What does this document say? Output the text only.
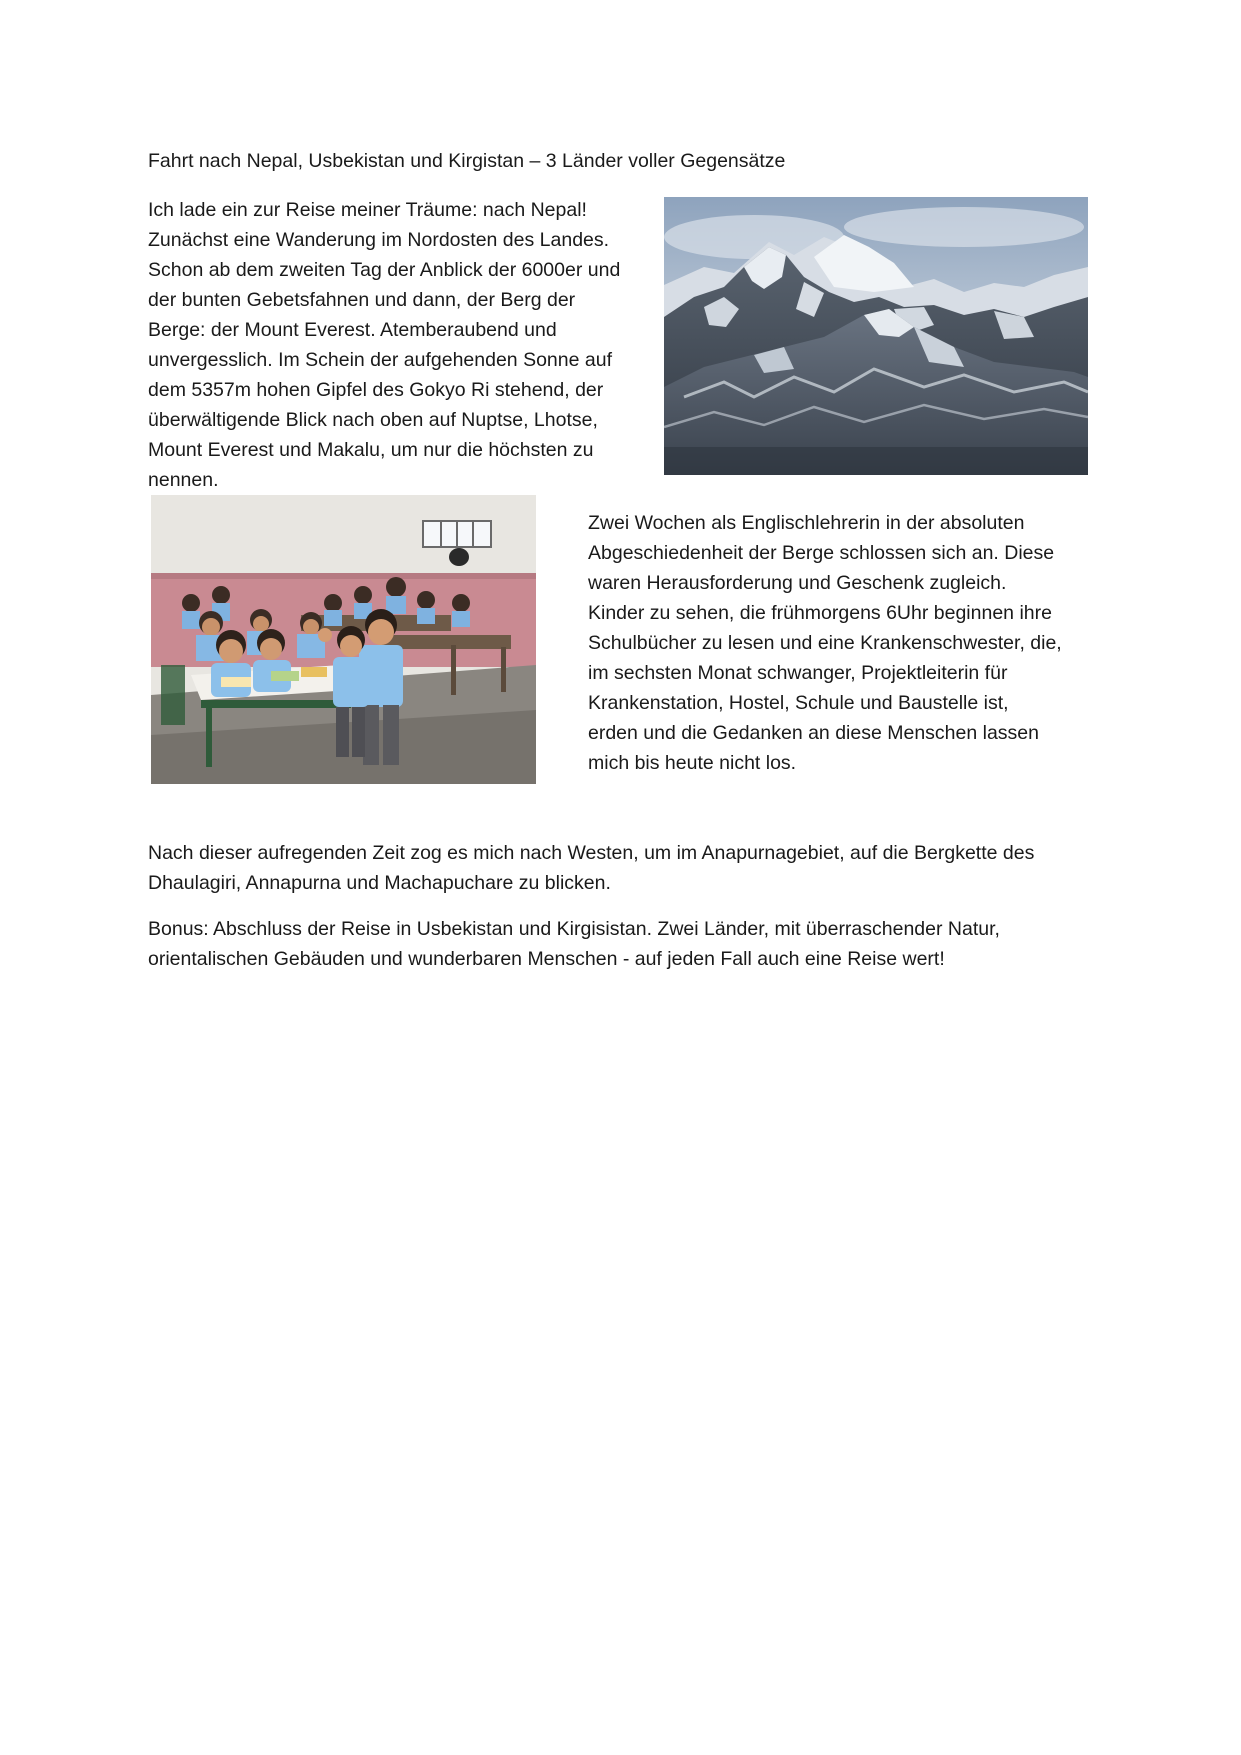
Fahrt nach Nepal, Usbekistan und Kirgistan – 3 Länder voller Gegensätze
Ich lade ein zur Reise meiner Träume: nach Nepal!
Zunächst eine Wanderung im Nordosten des Landes.
Schon ab dem zweiten Tag der Anblick der 6000er und
der bunten Gebetsfahnen und dann, der Berg der
Berge: der Mount Everest. Atemberaubend und
unvergesslich. Im Schein der aufgehenden Sonne auf
dem 5357m hohen Gipfel des Gokyo Ri stehend, der
überwältigende Blick nach oben auf Nuptse, Lhotse,
Mount Everest und Makalu, um nur die höchsten zu
nennen.
Zwei Wochen als Englischlehrerin in der absoluten
Abgeschiedenheit der Berge schlossen sich an. Diese
waren Herausforderung und Geschenk zugleich.
Kinder zu sehen, die frühmorgens 6Uhr beginnen ihre
Schulbücher zu lesen und eine Krankenschwester, die,
im sechsten Monat schwanger, Projektleiterin für
Krankenstation, Hostel, Schule und Baustelle ist,
erden und die Gedanken an diese Menschen lassen
mich bis heute nicht los.
Nach dieser aufregenden Zeit zog es mich nach Westen, um im Anapurnagebiet, auf die Bergkette des
Dhaulagiri, Annapurna und Machapuchare zu blicken.
Bonus: Abschluss der Reise in Usbekistan und Kirgisistan. Zwei Länder, mit überraschender Natur,
orientalischen Gebäuden und wunderbaren Menschen - auf jeden Fall auch eine Reise wert!
